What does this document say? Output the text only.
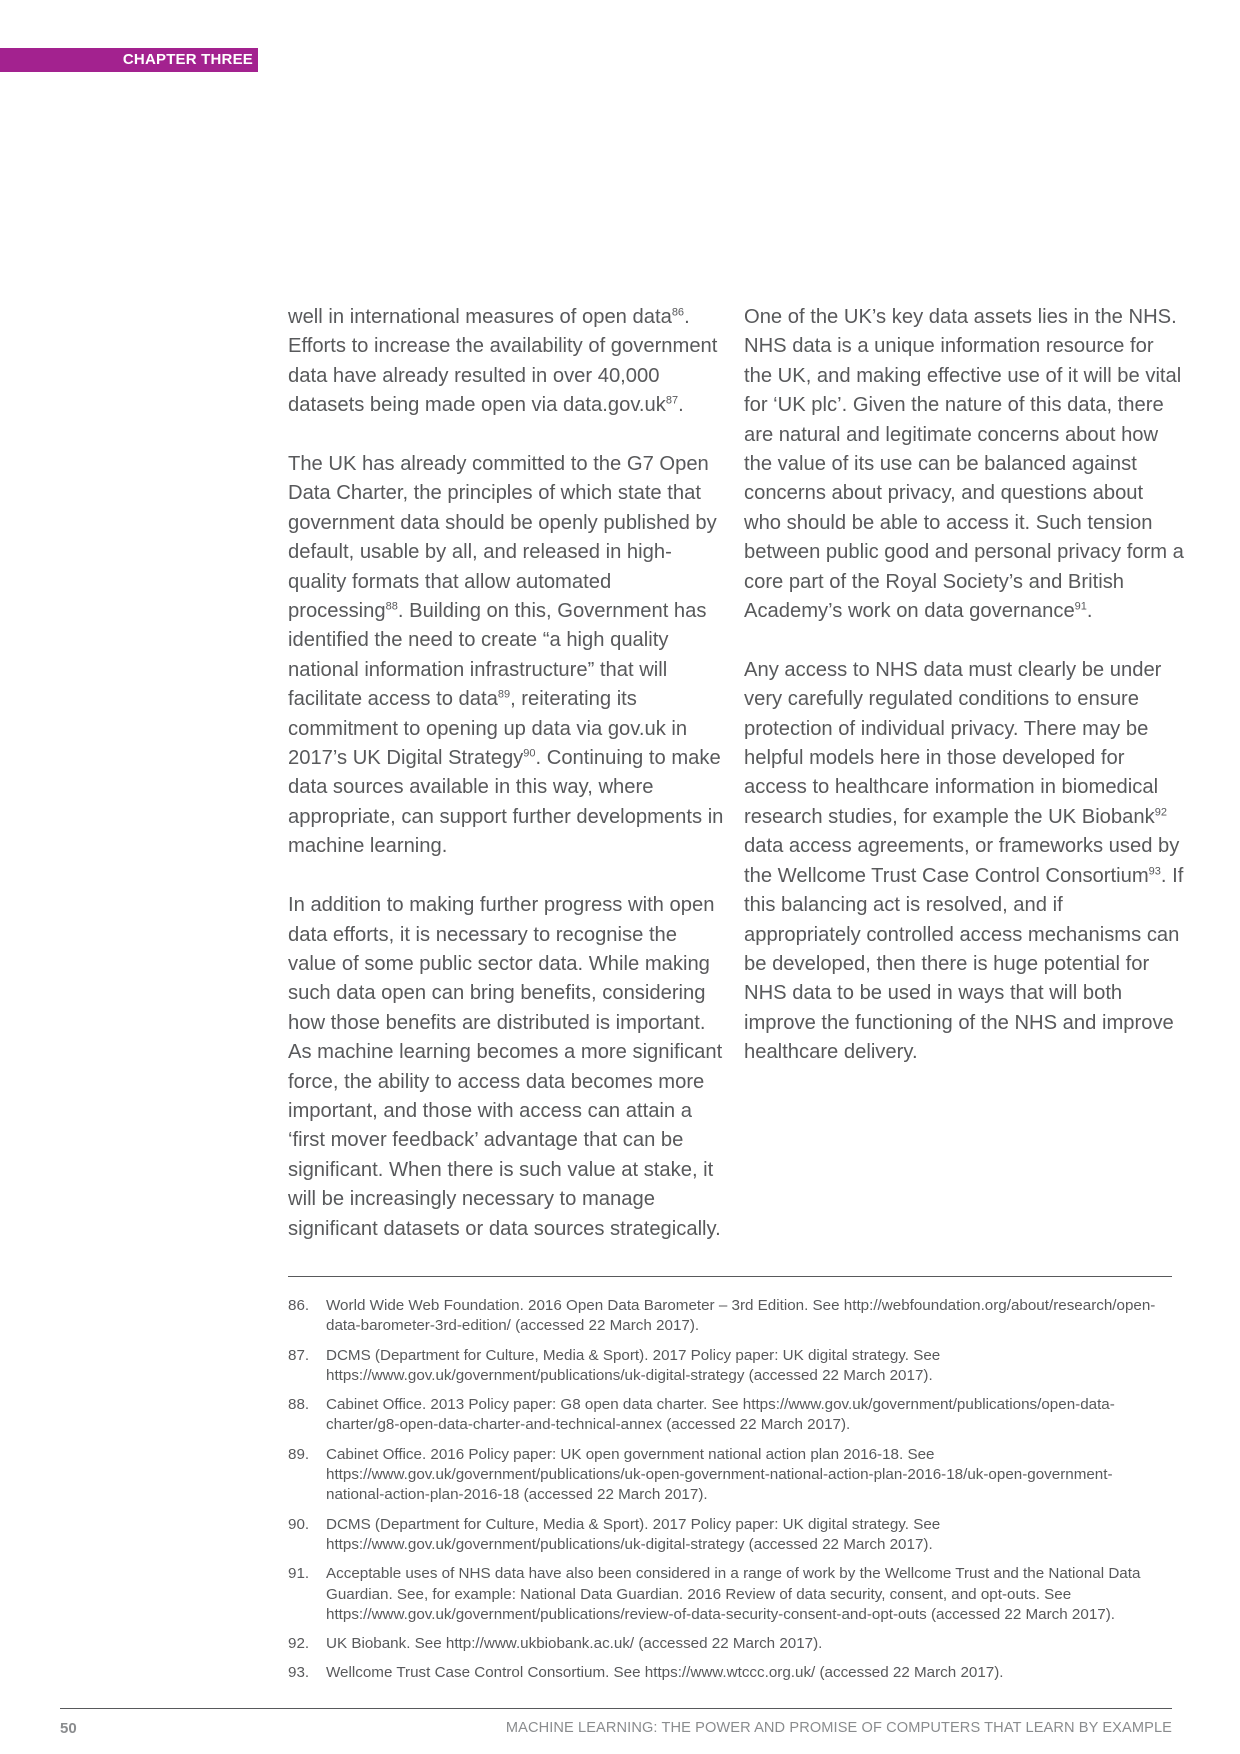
CHAPTER THREE

well in international measures of open data$^{86}$. Efforts to increase the availability of government data have already resulted in over 40,000 datasets being made open via $data.gov.uk^{87}$.

The UK has already committed to the G7 Open Data Charter, the principles of which state that government data should be openly published by default, usable by all, and released in high-quality formats that allow automated processing$^{88}$. Building on this, Government has identified the need to create “a high quality national information infrastructure” that will facilitate access to data$^{89}$, reiterating its commitment to opening up data via gov.uk in 2017’s UK Digital Strategy$^{90}$. Continuing to make data sources available in this way, where appropriate, can support further developments in machine learning.

In addition to making further progress with open data efforts, it is necessary to recognise the value of some public sector data. While making such data open can bring benefits, considering how those benefits are distributed is important. As machine learning becomes a more significant force, the ability to access data becomes more important, and those with access can attain a ‘first mover feedback’ advantage that can be significant. When there is such value at stake, it will be increasingly necessary to manage significant datasets or data sources strategically.

One of the UK’s key data assets lies in the NHS. NHS data is a unique information resource for the UK, and making effective use of it will be vital for ‘UK plc’. Given the nature of this data, there are natural and legitimate concerns about how the value of its use can be balanced against concerns about privacy, and questions about who should be able to access it. Such tension between public good and personal privacy form a core part of the Royal Society’s and British Academy’s work on data governance$^{91}$.

Any access to NHS data must clearly be under very carefully regulated conditions to ensure protection of individual privacy. There may be helpful models here in those developed for access to healthcare information in biomedical research studies, for example the UK Biobank$^{92}$ data access agreements, or frameworks used by the Wellcome Trust Case Control Consortium$^{93}$. If this balancing act is resolved, and if appropriately controlled access mechanisms can be developed, then there is huge potential for NHS data to be used in ways that will both improve the functioning of the NHS and improve healthcare delivery.

86.	World Wide Web Foundation. 2016 Open Data Barometer – 3rd Edition. See http://webfoundation.org/about/research/open-data-barometer-3rd-edition/ (accessed 22 March 2017).
87.	DCMS (Department for Culture, Media & Sport). 2017 Policy paper: UK digital strategy. See https://www.gov.uk/government/publications/uk-digital-strategy (accessed 22 March 2017).
88.	Cabinet Office. 2013 Policy paper: G8 open data charter. See https://www.gov.uk/government/publications/open-data-charter/g8-open-data-charter-and-technical-annex (accessed 22 March 2017).
89.	Cabinet Office. 2016 Policy paper: UK open government national action plan 2016-18. See https://www.gov.uk/government/publications/uk-open-government-national-action-plan-2016-18/uk-open-government-national-action-plan-2016-18 (accessed 22 March 2017).
90.	DCMS (Department for Culture, Media & Sport). 2017 Policy paper: UK digital strategy. See https://www.gov.uk/government/publications/uk-digital-strategy (accessed 22 March 2017).
91.	Acceptable uses of NHS data have also been considered in a range of work by the Wellcome Trust and the National Data Guardian. See, for example: National Data Guardian. 2016 Review of data security, consent, and opt-outs. See https://www.gov.uk/government/publications/review-of-data-security-consent-and-opt-outs (accessed 22 March 2017).
92.	UK Biobank. See http://www.ukbiobank.ac.uk/ (accessed 22 March 2017).
93.	Wellcome Trust Case Control Consortium. See https://www.wtccc.org.uk/ (accessed 22 March 2017).
50	MACHINE LEARNING: THE POWER AND PROMISE OF COMPUTERS THAT LEARN BY EXAMPLE
